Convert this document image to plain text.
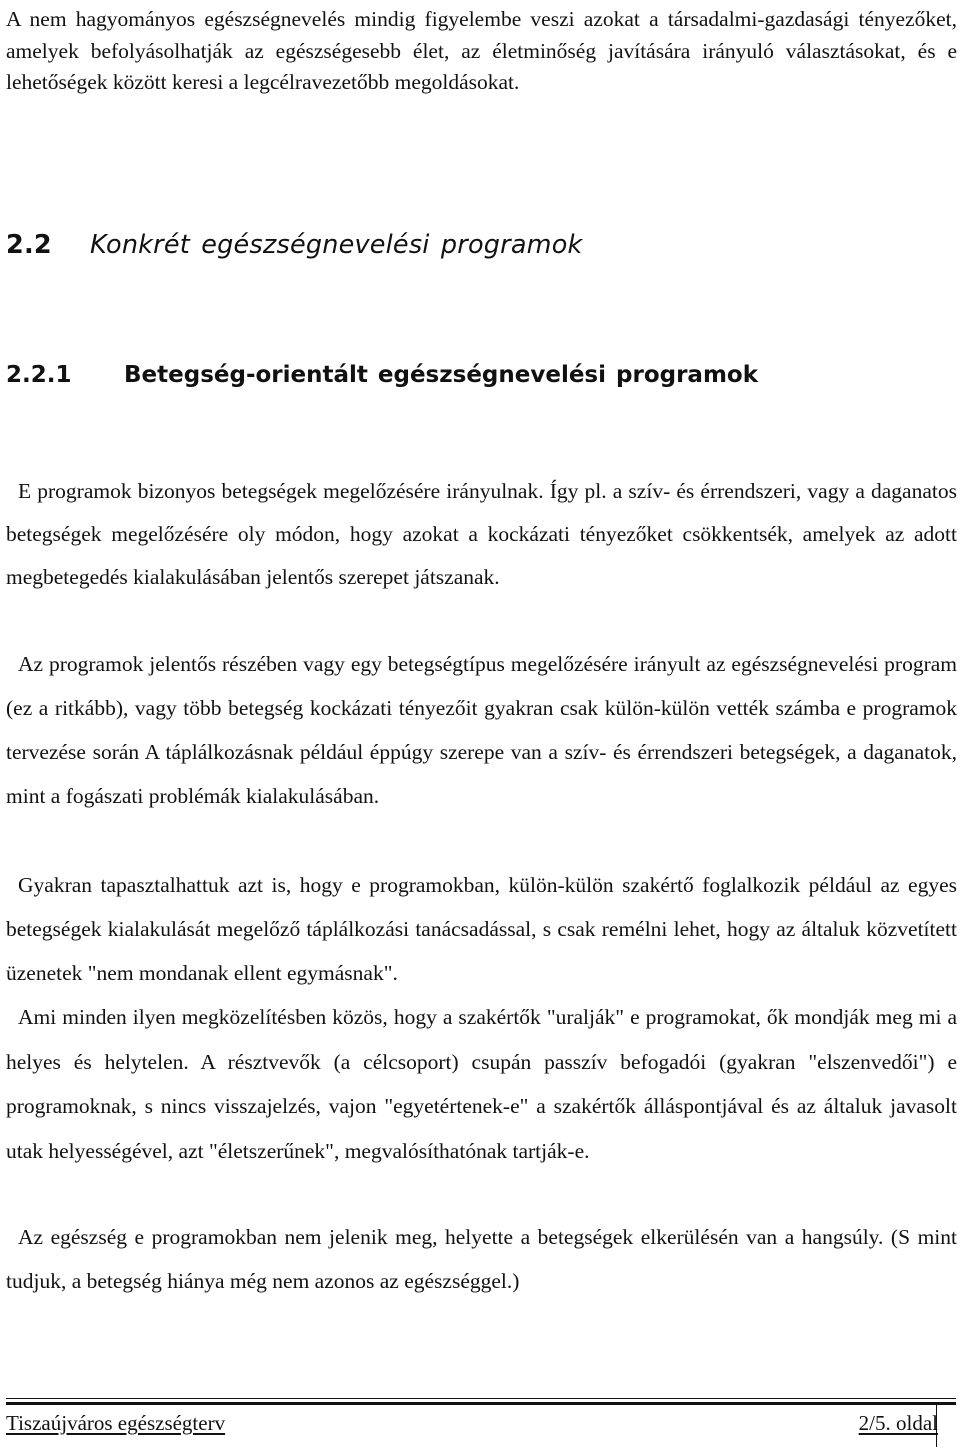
A nem hagyományos egészségnevelés mindig figyelembe veszi azokat a társadalmi-gazdasági tényezőket, amelyek befolyásolhatják az egészségesebb élet, az életminőség javítására irányuló választásokat, és e lehetőségek között keresi a legcélravezetőbb megoldásokat.

2.2 Konkrét egészségnevelési programok
2.2.1 Betegség-orientált egészségnevelési programok

E programok bizonyos betegségek megelőzésére irányulnak. Így pl. a szív- és érrendszeri, vagy a daganatos betegségek megelőzésére oly módon, hogy azokat a kockázati tényezőket csökkentsék, amelyek az adott megbetegedés kialakulásában jelentős szerepet játszanak.

Az programok jelentős részében vagy egy betegségtípus megelőzésére irányult az egészségnevelési program (ez a ritkább), vagy több betegség kockázati tényezőit gyakran csak külön-külön vették számba e programok tervezése során A táplálkozásnak például éppúgy szerepe van a szív- és érrendszeri betegségek, a daganatok, mint a fogászati problémák kialakulásában.

Gyakran tapasztalhattuk azt is, hogy e programokban, külön-külön szakértő foglalkozik például az egyes betegségek kialakulását megelőző táplálkozási tanácsadással, s csak remélni lehet, hogy az általuk közvetített üzenetek "nem mondanak ellent egymásnak".

Ami minden ilyen megközelítésben közös, hogy a szakértők "uralják" e programokat, ők mondják meg mi a helyes és helytelen. A résztvevők (a célcsoport) csupán passzív befogadói (gyakran "elszenvedői") e programoknak, s nincs visszajelzés, vajon "egyetértenek-e" a szakértők álláspontjával és az általuk javasolt utak helyességével, azt "életszerűnek", megvalósíthatónak tartják-e.

Az egészség e programokban nem jelenik meg, helyette a betegségek elkerülésén van a hangsúly. (S mint tudjuk, a betegség hiánya még nem azonos az egészséggel.)

Tiszaújváros egészségterv	2/5. oldal
